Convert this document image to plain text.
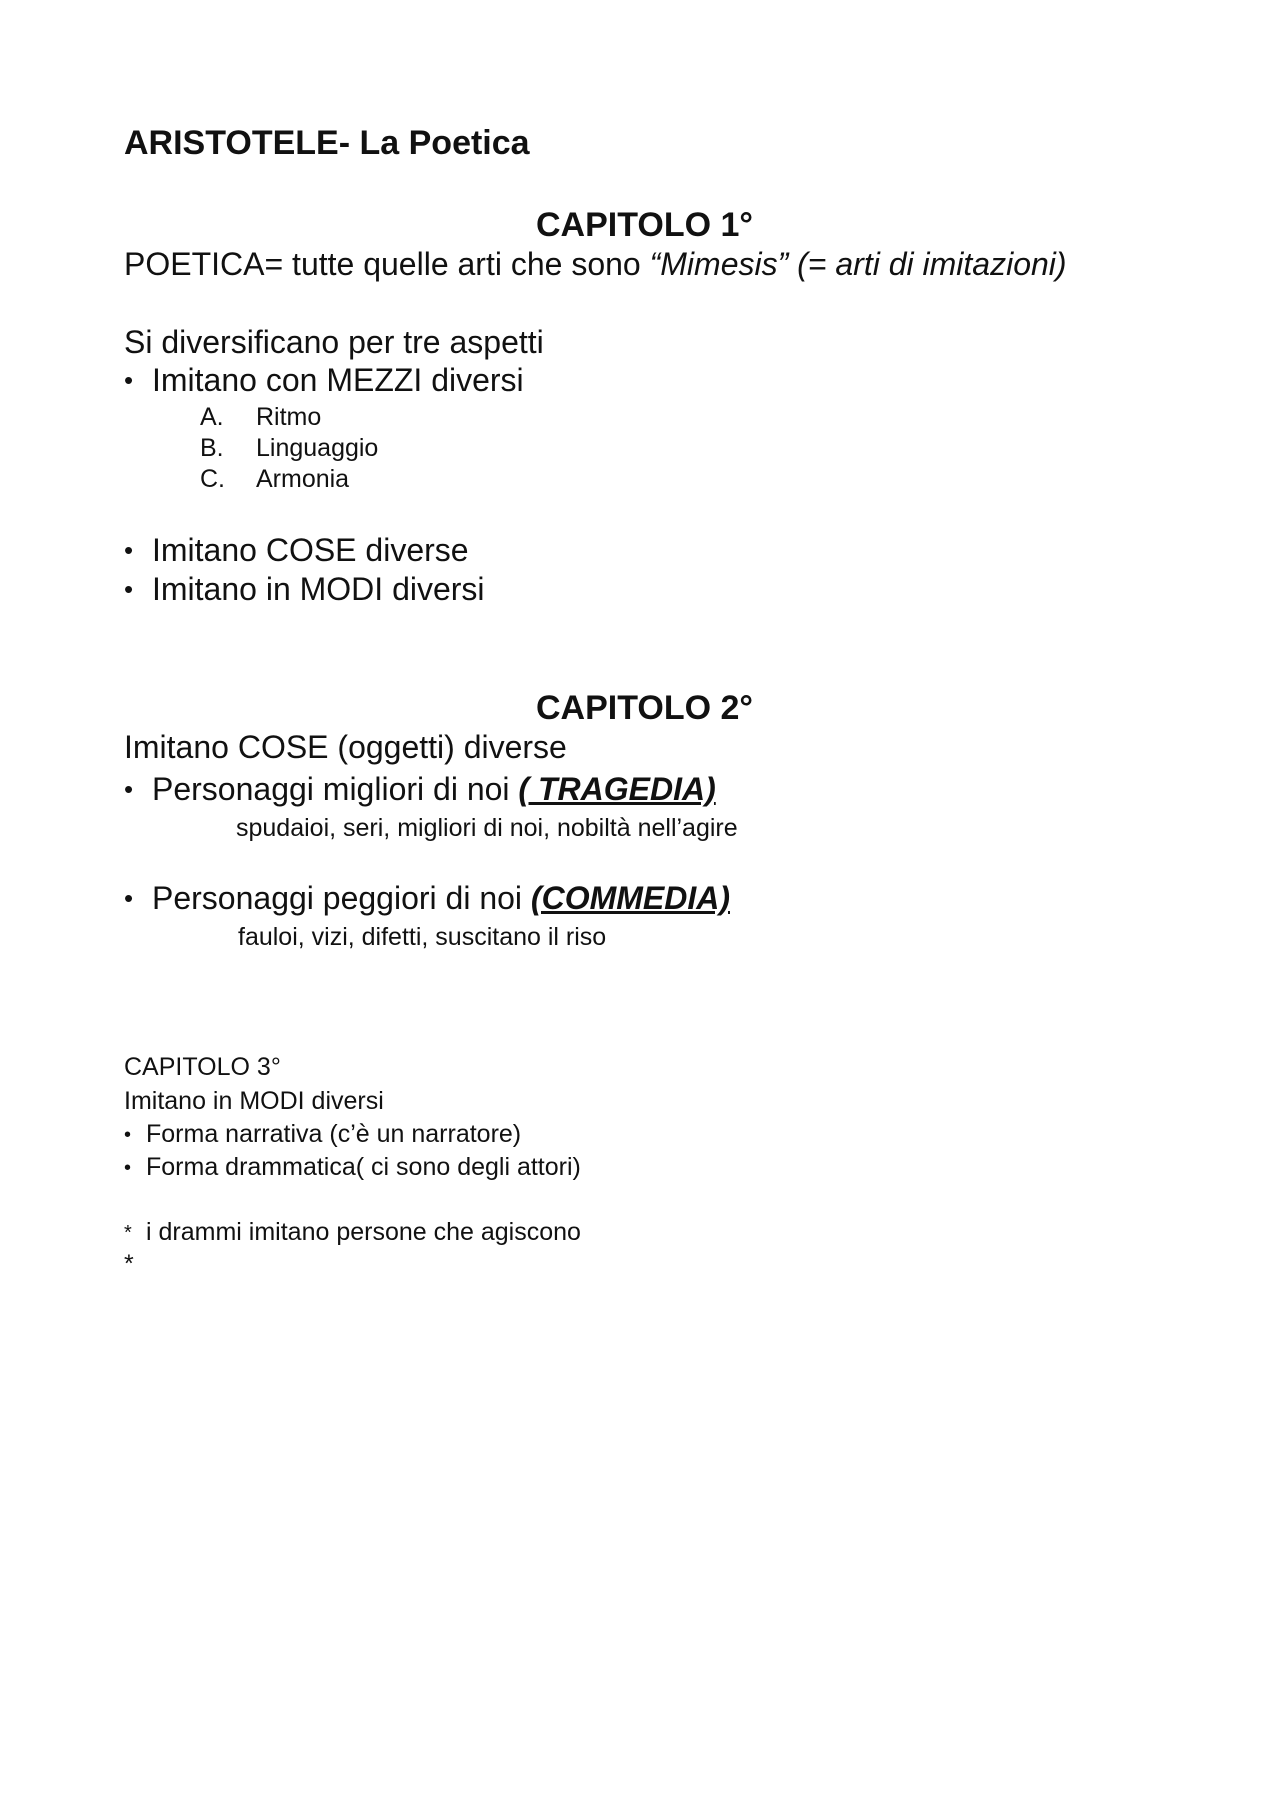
ARISTOTELE- La Poetica
CAPITOLO 1°
POETICA= tutte quelle arti che sono “Mimesis” (= arti di imitazioni)
Si diversificano per tre aspetti
• Imitano con MEZZI diversi
A. Ritmo
B. Linguaggio
C. Armonia
• Imitano COSE diverse
• Imitano in MODI diversi
CAPITOLO 2°
Imitano COSE (oggetti) diverse
• Personaggi migliori di noi ( TRAGEDIA)
spudaioi, seri, migliori di noi, nobiltà nell’agire
• Personaggi peggiori di noi (COMMEDIA)
fauloi, vizi, difetti, suscitano il riso
CAPITOLO 3°
Imitano in MODI diversi
• Forma narrativa (c’è un narratore)
• Forma drammatica( ci sono degli attori)
* i drammi imitano persone che agiscono
*
